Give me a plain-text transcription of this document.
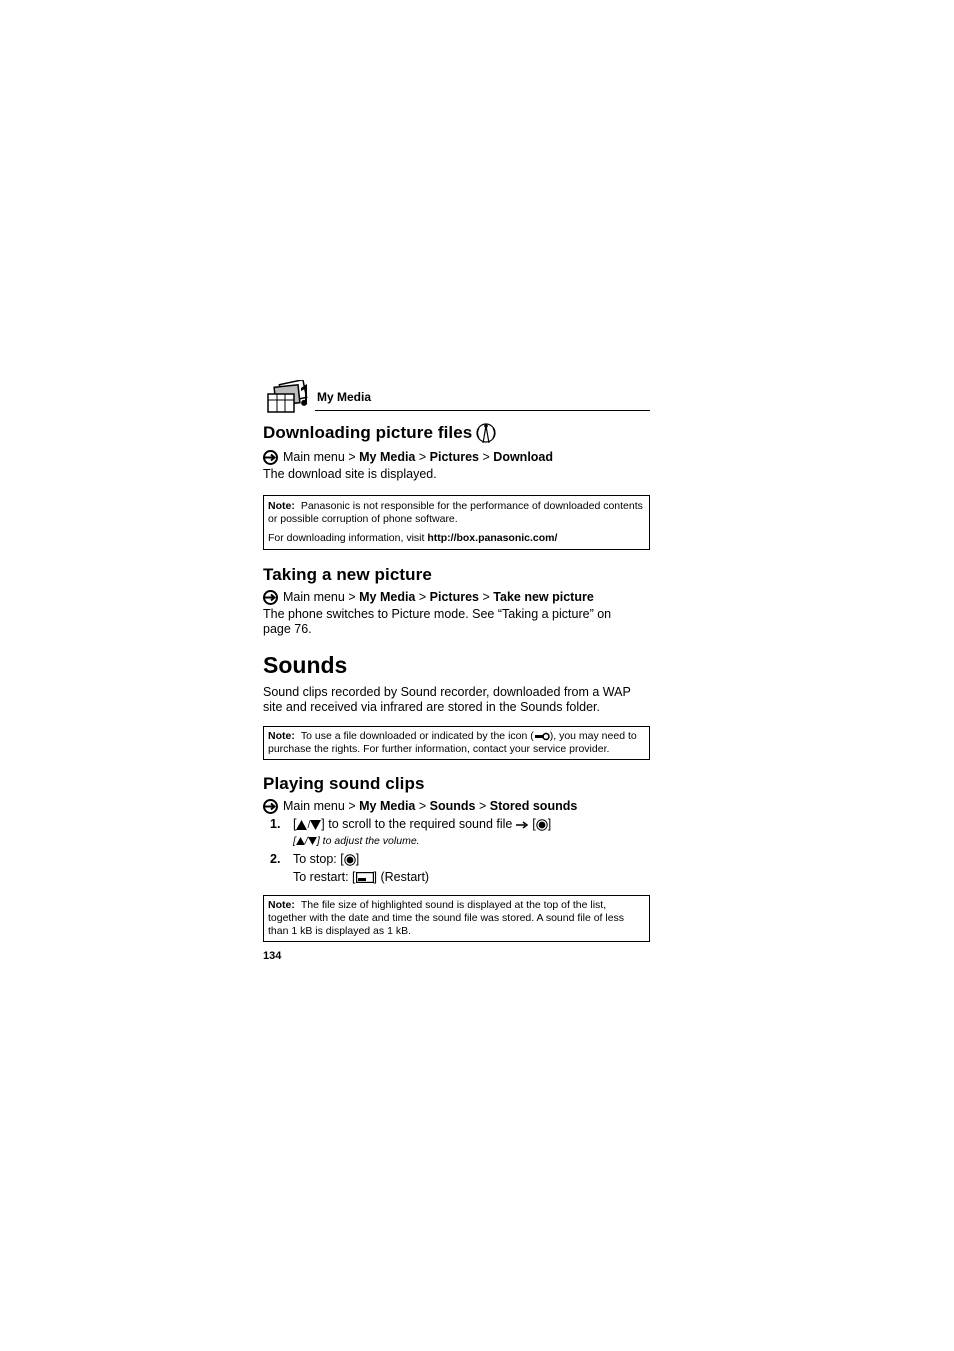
My Media
Downloading picture files
Main menu > My Media > Pictures > Download

The download site is displayed.

Note: Panasonic is not responsible for the performance of downloaded contents or possible corruption of phone software.
For downloading information, visit http://box.panasonic.com/
Taking a new picture
Main menu > My Media > Pictures > Take new picture

The phone switches to Picture mode. See “Taking a picture” on page 76.

Sounds

Sound clips recorded by Sound recorder, downloaded from a WAP site and received via infrared are stored in the Sounds folder.

Note: To use a file downloaded or indicated by the icon ( ), you may need to purchase the rights. For further information, contact your service provider.
Playing sound clips
Main menu > My Media > Sounds > Stored sounds
1.	[ / ] to scroll to the required sound file  [ ]
[ / ] to adjust the volume.
2.	To stop: [ ]
To restart: [ ] (Restart)
Note: The file size of highlighted sound is displayed at the top of the list, together with the date and time the sound file was stored. A sound file of less than 1 kB is displayed as 1 kB.
134
